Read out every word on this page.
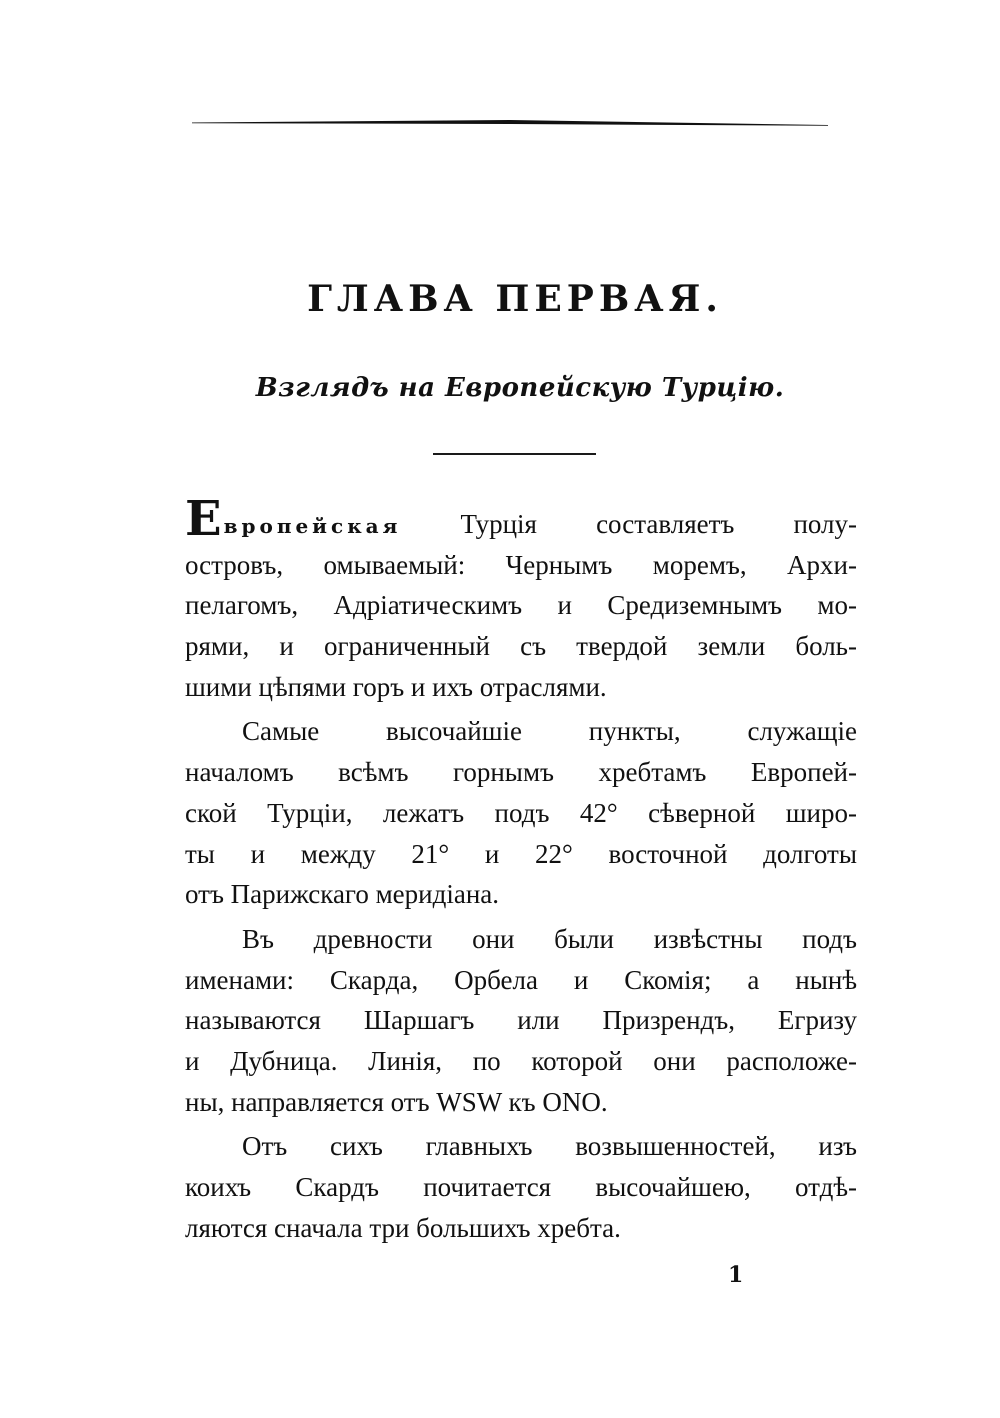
ГЛАВА ПЕРВАЯ.
Взглядъ на Европейскую Турцію.
Европейская Турція составляетъ полу-
островъ, омываемый: Чернымъ моремъ, Архи-
пелагомъ, Адріатическимъ и Средиземнымъ мо-
рями, и ограниченный съ твердой земли боль-
шими цѣпями горъ и ихъ отраслями.
Самые высочайшіе пункты, служащіе
началомъ всѣмъ горнымъ хребтамъ Европей-
ской Турціи, лежатъ подъ 42° сѣверной широ-
ты и между 21° и 22° восточной долготы
отъ Парижскаго меридіана.
Въ древности они были извѣстны подъ
именами: Скарда, Орбела и Скомія; а нынѣ
называются Шаршагъ или Призрендъ, Егризу
и Дубница. Линія, по которой они расположе-
ны, направляется отъ WSW къ ONO.
Отъ сихъ главныхъ возвышенностей, изъ
коихъ Скардъ почитается высочайшею, отдѣ-
ляются сначала три большихъ хребта.
1
